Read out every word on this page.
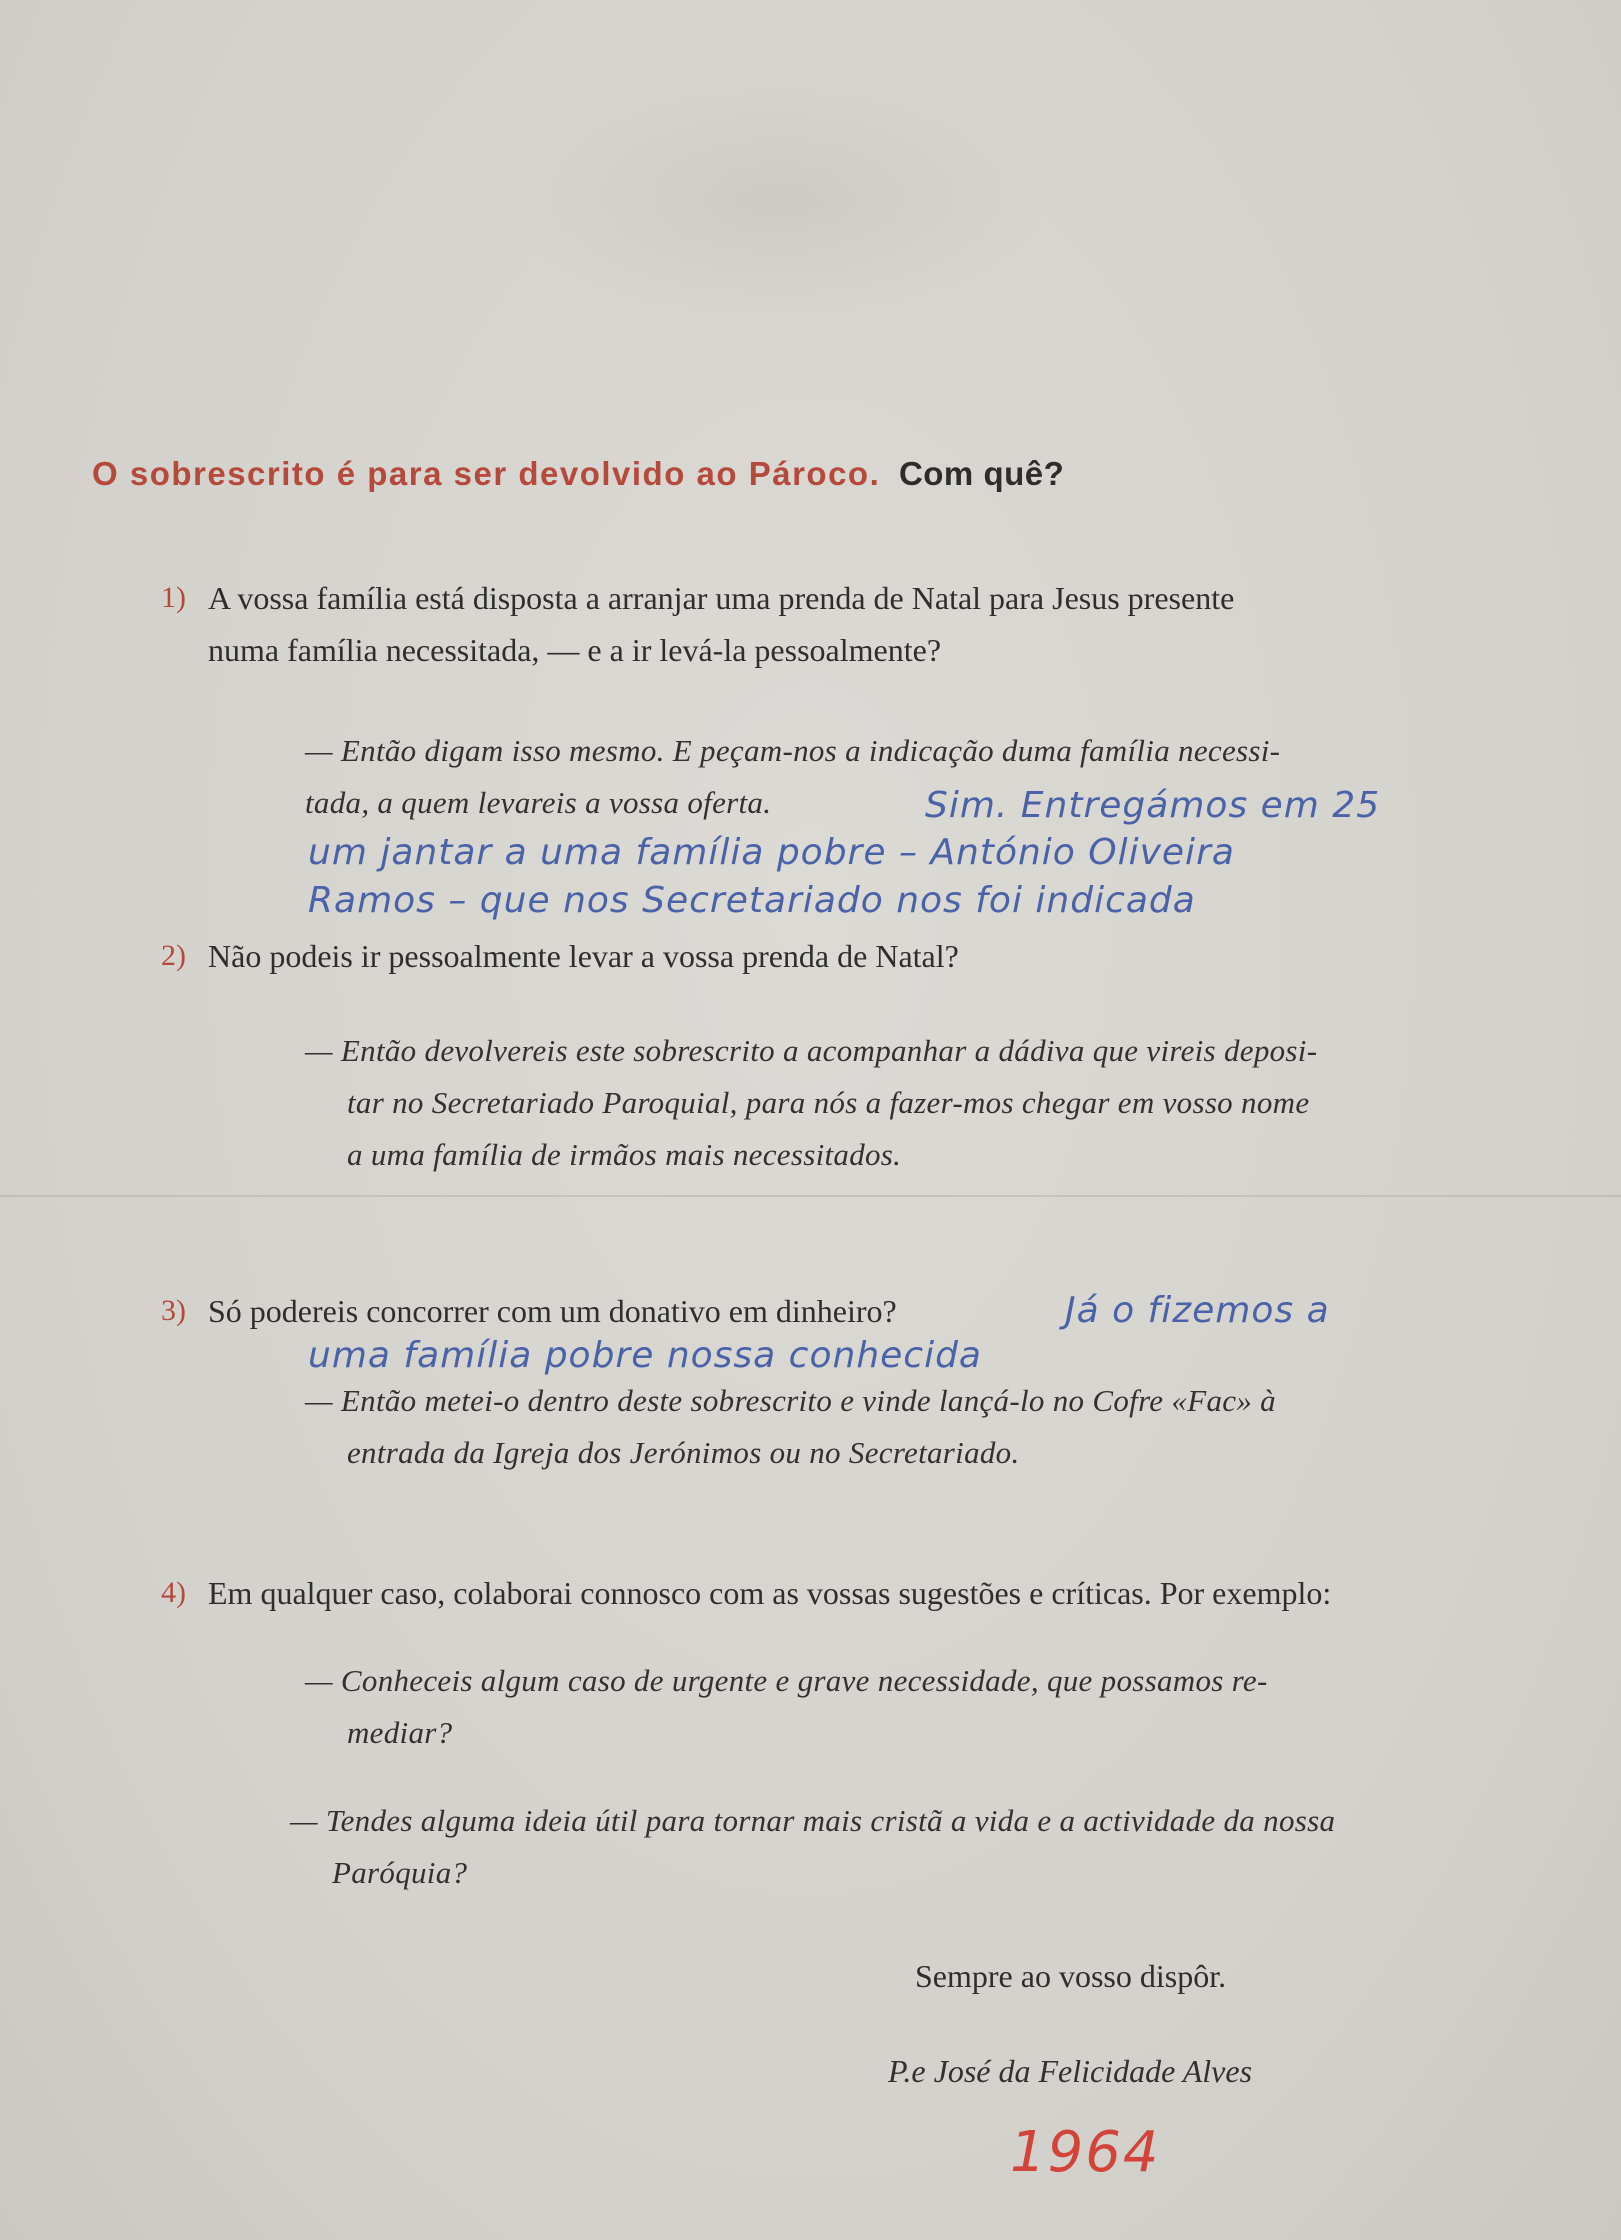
O sobrescrito é para ser devolvido ao Pároco. Com quê?
1) A vossa família está disposta a arranjar uma prenda de Natal para Jesus presente
numa família necessitada, — e a ir levá-la pessoalmente?
— Então digam isso mesmo. E peçam-nos a indicação duma família necessi-
tada, a quem levareis a vossa oferta.	Sim. Entregámos em 25
um jantar a uma família pobre – António Oliveira
Ramos – que nos Secretariado nos foi indicada
2) Não podeis ir pessoalmente levar a vossa prenda de Natal?
— Então devolvereis este sobrescrito a acompanhar a dádiva que vireis deposi-
tar no Secretariado Paroquial, para nós a fazer-mos chegar em vosso nome
a uma família de irmãos mais necessitados.
3) Só podereis concorrer com um donativo em dinheiro?	Já o fizemos a
uma família pobre nossa conhecida
— Então metei-o dentro deste sobrescrito e vinde lançá-lo no Cofre «Fac» à
entrada da Igreja dos Jerónimos ou no Secretariado.
4) Em qualquer caso, colaborai connosco com as vossas sugestões e críticas. Por exemplo:
— Conheceis algum caso de urgente e grave necessidade, que possamos re-
mediar?
— Tendes alguma ideia útil para tornar mais cristã a vida e a actividade da nossa
Paróquia?
Sempre ao vosso dispôr.
P.e José da Felicidade Alves
1964
